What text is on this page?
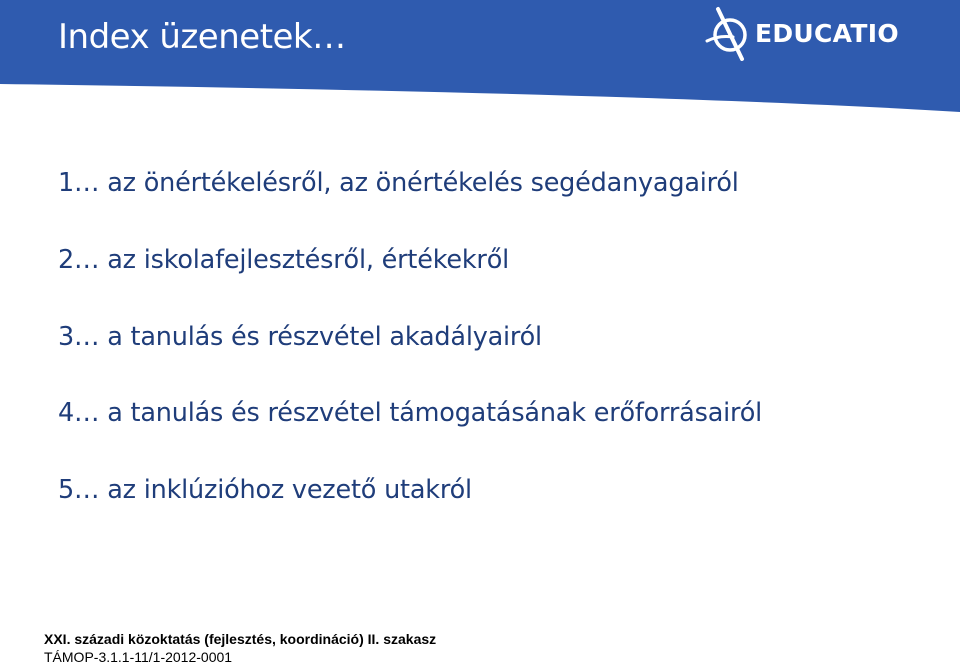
Index üzenetek…	EDUCATIO
1… az önértékelésről, az önértékelés segédanyagairól
2… az iskolafejlesztésről, értékekről
3… a tanulás és részvétel akadályairól
4… a tanulás és részvétel támogatásának erőforrásairól
5… az inklúzióhoz vezető utakról
XXI. századi közoktatás (fejlesztés, koordináció) II. szakasz
TÁMOP-3.1.1-11/1-2012-0001
